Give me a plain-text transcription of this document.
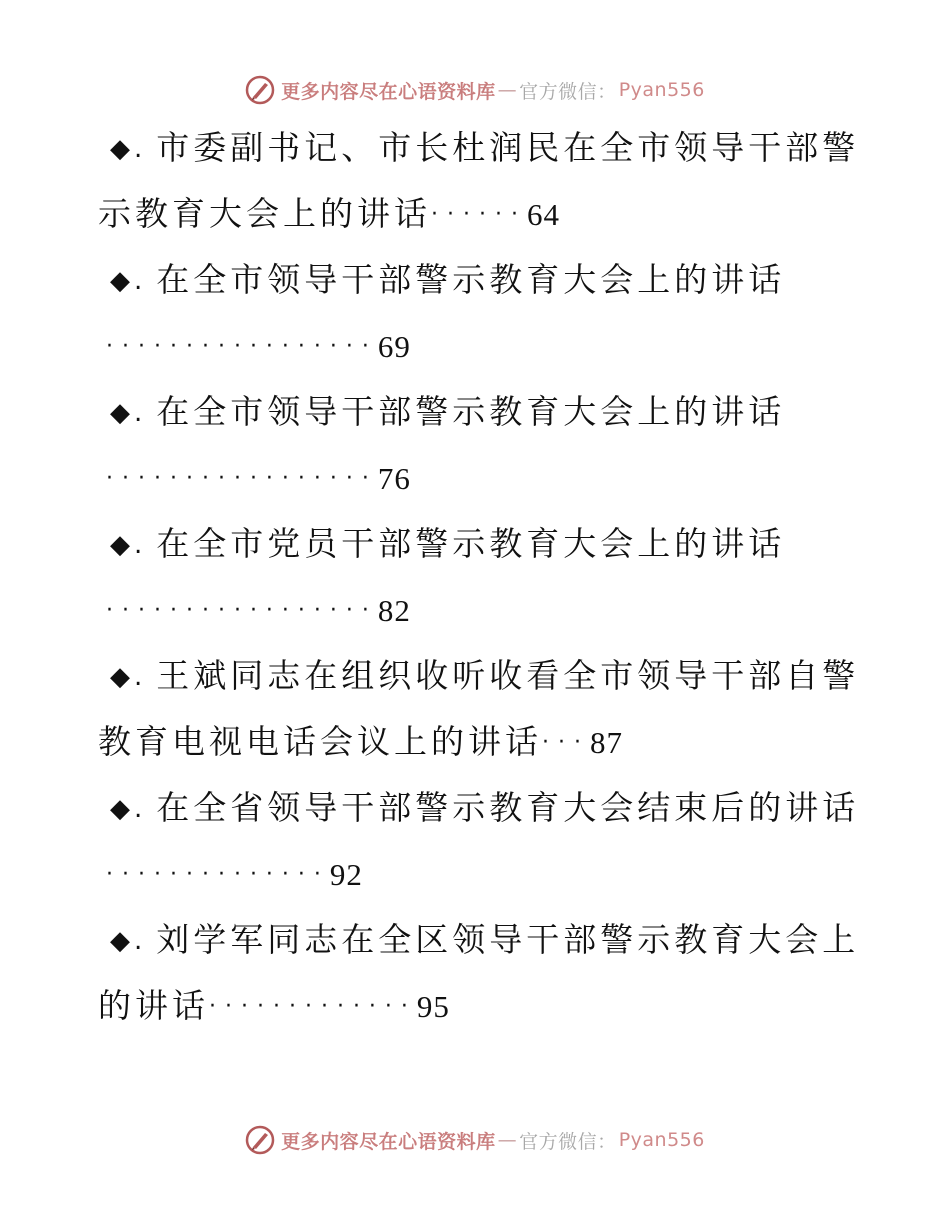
更多内容尽在心语资料库 — 官方微信： Pyan556
◆. 市委副书记、市长杜润民在全市领导干部警
示教育大会上的讲话······64
◆. 在全市领导干部警示教育大会上的讲话
·················69
◆. 在全市领导干部警示教育大会上的讲话
·················76
◆. 在全市党员干部警示教育大会上的讲话
·················82
◆. 王斌同志在组织收听收看全市领导干部自警
教育电视电话会议上的讲话···87
◆. 在全省领导干部警示教育大会结束后的讲话
··············92
◆. 刘学军同志在全区领导干部警示教育大会上
的讲话·············95
更多内容尽在心语资料库 — 官方微信： Pyan556
